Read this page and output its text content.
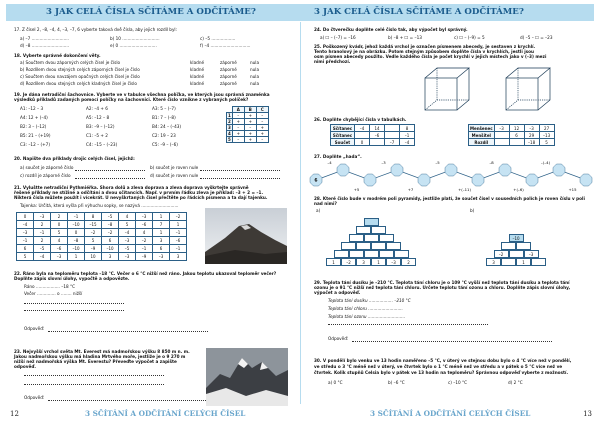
3 JAK CELÁ ČÍSLA SČÍTÁME A ODČÍTÁME?
17. Z čísel 2, –8, –4, 4, –3, –7, 6 vyberte taková dvě čísla, aby jejich rozdíl byl:
a) –7 ............................	b) 10 ............................	c) –5 ..................
d) –8 ............................	e) 0 ............................	f) –4 ..............................
18. Vyberte správné dokončení věty.
19. Je dána netradiční šachovnice. Vyberte ve v tabulce všechna políčka, ve kterých jsou správná znaménka
výsledků příkladů zadaných pomocí políčky na šachovnici. Které číslo vznikne z vybraných políček?
	A	B	C
1	–	+	–
2	+	+	–
3	–	–	+
4	+	+	+
5	–	+	–
20. Napište dva příklady drojic celých čísel, jejichž:
a) součet je záporné číslo	b) součet je roven nule
c) rozdíl je záporné číslo	d) součet je roven nule
21. Vyluštte netradiční Pythmiéřka. Shora dolů a zleva doprava a zleva doprava vyškrtejte správně
řešené příklady ne stížiné a odčítání a dvou sčítancích. Např. v prvním řádku zleva je příklad: –3 + 2 = –1.
Nikterá čísla můžete použít i vícekrát. U nevyškrtaných čísel přečtěte po řádcích písmena a ta dají tajenku.
Tajenka: Určitá, která vyšla při výhuchu sopky, se nazývá ............................
0	–3	2	–1	8	–5	4	–3	1	–2
–4	2	0	–10	–15	–8	5	–6	7	1
–3	–1	5	0	–2	–2	–4	4	1	–1
–1	2	4	–8	5	6	–3	–2	3	–6
6	–5	–6	–10	–9	–10	–5	–1	6	–1
5	–4	–3	1	10	3	–3	–9	–3	3
22. Ráno byla na teploměru teplota –18 °C. Večer o 6 °C nižší než ráno. Jakou teplotu ukazoval teploměr večer?
Doplňte zápis slovní úlohy, vypočtě a odpovězte.
Ráno .................. –18 °C
Večer .............. o ........ nižší
Odpověď:
23. Nejvyšší vrchol světa Mt. Everest má nadmořskou výšku 8 850 m n. m.
Jakou nadmořskou výšku má hladina Mrtvého moře, jestliže je o 9 270 m
nižší než nadmořská výška Mt. Everestu? Převeďte výpočet a zapište
odpověď.
Odpověď:
12	3 SČÍTÁNÍ A ODČÍTÁNÍ CELÝCH ČÍSEL
a) Součtem dvou záporných celých čísel je číslo	kladné	záporné	nula
b) Rozdílem dvou stejných celých záporných čísel je číslo	kladné	záporné	nula
c) Součtem dvou navzájem opačných celých čísel je číslo	kladné	záporné	nula
d) Rozdílem dvou stejných celých kladných čísel je číslo	kladné	záporné	nula
A1: –12 – 3	A2: –4 + 6	A3: 5 – (–7)
A4: 12 + (–4)	A5: –12 – 8	B1: 7 – (–8)
B2: 3 – (–12)	B3: –9 – (–12)	B4: 24 – (–43)
B5: 21 – (+19)	C1: –5 + 2	C2: 19 – 23
C3: –12 – (+7)	C4: –15 – (–23)	C5: –9 – (–6)
3 JAK CELÁ ČÍSLA SČÍTÁME A ODČÍTÁME?
24. Do čtverečku doplňte celé číslo tak, aby výpočet byl správný.
a) ☐ – (–7) = –16	b) –8 + ☐ = –13	c) ☐ – (–9) = 5	d) –5 – ☐ = –23
25. Poškozený kvádr, jehož každá vrchol je označen písmenem abecedy, je sestaven z krychlí.
Tento hranolový je na obrázku. Potom stejným způsobem doplňte čísla v krychlích, jestli jsou
osm písmen abecedy použito. Vedle každého čísla je počet krychlí v jejich místech jako v (–3) mezi
nimi předchozí.
26. Doplňte chybějící čísla v tabulkách.
Sčítanec	–4	14		8
Sčítanec		–6		–1
Součet	0		–7	–4
Menšenec	–3	12	–3	27
Menšitel		6	29	–13
Rozdíl			–18	5
27. Doplňte „hada“.
6
–4
+5
–3
+7
–5
+(–11)
–8
+(–6)
–(–4)
+15
28. Které číslo bude v modrém poli pyramidy, jestliže platí, že součet čísel v sousedních polích je roven číslu v poli
nad nimi?
a)	b)
29. Teplota tání dusíku je –210 °C. Teplota tání chloru je o 109 °C vyšší než teplota tání dusíku a teplota tání
ozonu je o 91 °C nižší než teplota tání chloru. Určete teplotu tání ozonu a chloru. Doplňte zápis slovní úlohy,
výpočet a odpověď.
Teplota tání dusíku .................. –210 °C
Teplota tání chloru ..........................
Teplota tání ozonu ............................
Odpověď:
30. V pondělí bylo venku ve 13 hodin naměřeno –5 °C, v úterý ve stejnou dobu bylo o 4 °C více než v pondělí,
ve středu o 3 °C méně než v úterý, ve čtvrtek bylo o 1 °C méně než ve středu a v pátek o 5 °C více než ve
čtvrtek. Kolik stupňů Celsia bylo v pátek ve 13 hodin na teploměru? Správnou odpověď vyberte z možností.
a) 0 °C	b) –6 °C	c) –10 °C	d) 2 °C
3 SČÍTÁNÍ A ODČÍTÁNÍ CELÝCH ČÍSEL	13
1	–2	3	1	–3	2	3	1
–2	–3
–10
